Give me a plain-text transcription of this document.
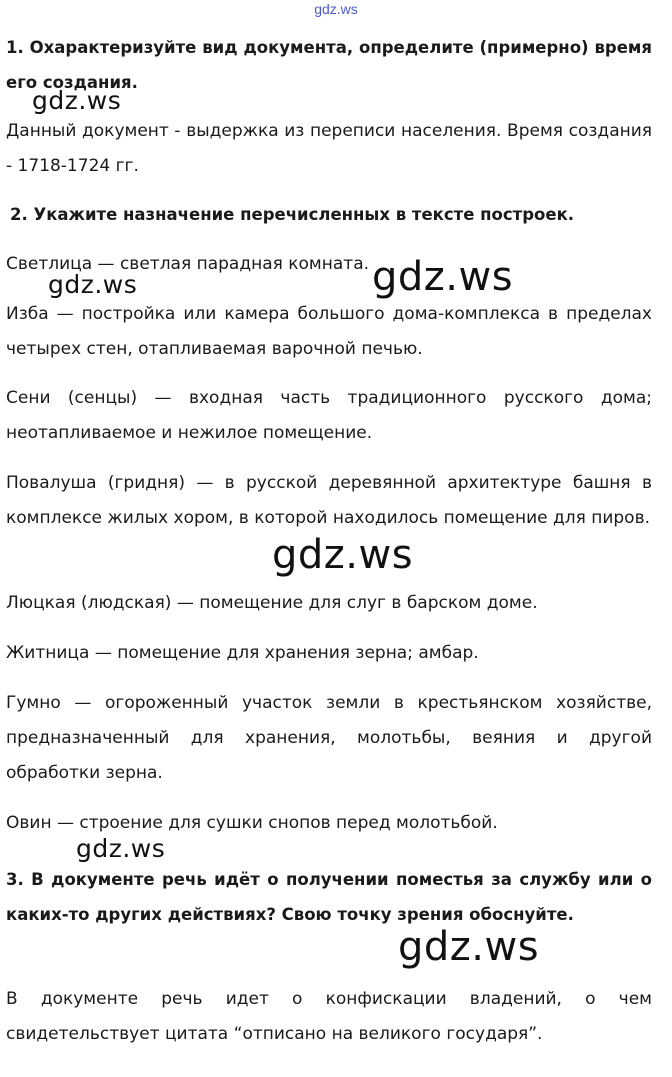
gdz.ws
1. Охарактеризуйте вид документа, определите (примерно) время его создания.
Данный документ - выдержка из переписи населения. Время создания - 1718-1724 гг.
2. Укажите назначение перечисленных в тексте построек.
Светлица — светлая парадная комната.
Изба — постройка или камера большого дома-комплекса в пределах четырех стен, отапливаемая варочной печью.
Сени (сенцы) — входная часть традиционного русского дома; неотапливаемое и нежилое помещение.
Повалуша (гридня) — в русской деревянной архитектуре башня в комплексе жилых хором, в которой находилось помещение для пиров.
Люцкая (людская) — помещение для слуг в барском доме.
Житница — помещение для хранения зерна; амбар.
Гумно — огороженный участок земли в крестьянском хозяйстве, предназначенный для хранения, молотьбы, веяния и другой обработки зерна.
Овин — строение для сушки снопов перед молотьбой.
3. В документе речь идёт о получении поместья за службу или о каких-то других действиях? Свою точку зрения обоснуйте.
В документе речь идет о конфискации владений, о чем свидетельствует цитата “отписано на великого государя”.
gdz.ws
gdz.ws
gdz.ws
gdz.ws
gdz.ws
gdz.ws
